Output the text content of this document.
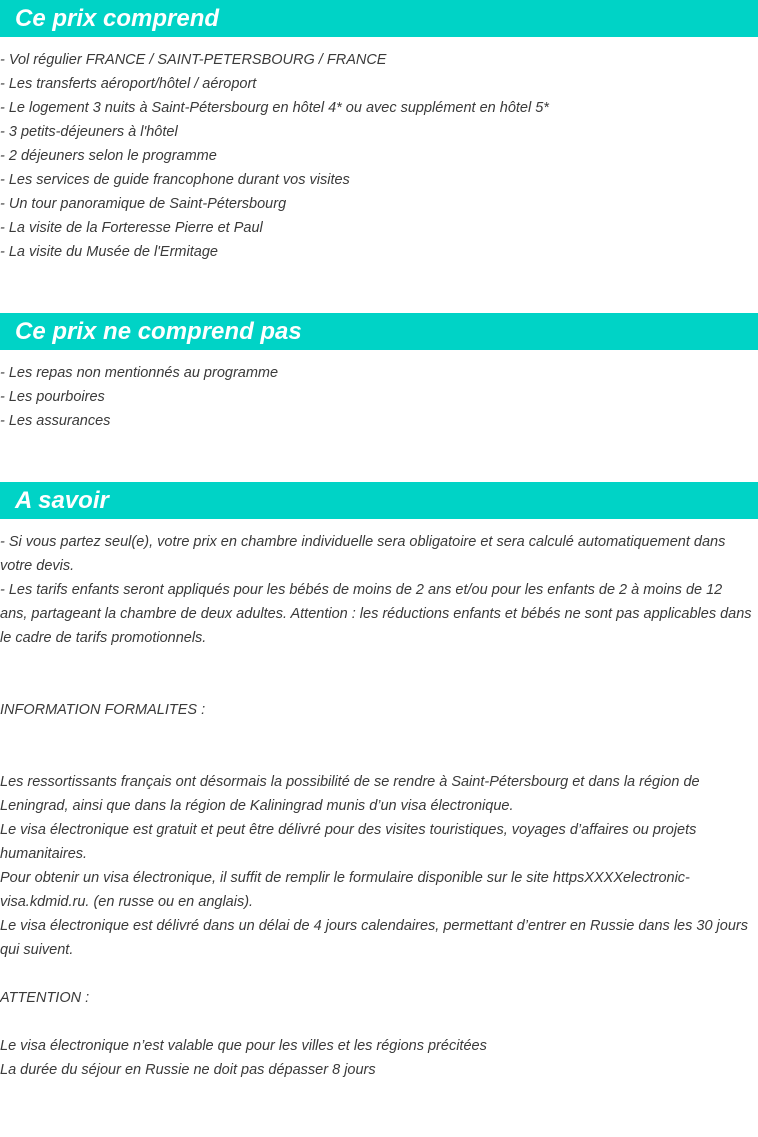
Ce prix comprend
- Vol régulier FRANCE / SAINT-PETERSBOURG / FRANCE
- Les transferts aéroport/hôtel / aéroport
- Le logement 3 nuits à Saint-Pétersbourg en hôtel 4* ou avec supplément en hôtel 5*
- 3 petits-déjeuners à l'hôtel
- 2 déjeuners selon le programme
- Les services de guide francophone durant vos visites
- Un tour panoramique de Saint-Pétersbourg
- La visite de la Forteresse Pierre et Paul
- La visite du Musée de l'Ermitage
Ce prix ne comprend pas
- Les repas non mentionnés au programme
- Les pourboires
- Les assurances
A savoir
- Si vous partez seul(e), votre prix en chambre individuelle sera obligatoire et sera calculé automatiquement dans votre devis.
- Les tarifs enfants seront appliqués pour les bébés de moins de 2 ans et/ou pour les enfants de 2 à moins de 12 ans, partageant la chambre de deux adultes. Attention : les réductions enfants et bébés ne sont pas applicables dans le cadre de tarifs promotionnels.
INFORMATION FORMALITES :
Les ressortissants français ont désormais la possibilité de se rendre à Saint-Pétersbourg et dans la région de Leningrad, ainsi que dans la région de Kaliningrad munis d’un visa électronique.
Le visa électronique est gratuit et peut être délivré pour des visites touristiques, voyages d’affaires ou projets humanitaires.
Pour obtenir un visa électronique, il suffit de remplir le formulaire disponible sur le site httpsXXXXelectronic-visa.kdmid.ru. (en russe ou en anglais).
Le visa électronique est délivré dans un délai de 4 jours calendaires, permettant d’entrer en Russie dans les 30 jours qui suivent.
ATTENTION :
Le visa électronique n’est valable que pour les villes et les régions précitées
La durée du séjour en Russie ne doit pas dépasser 8 jours
